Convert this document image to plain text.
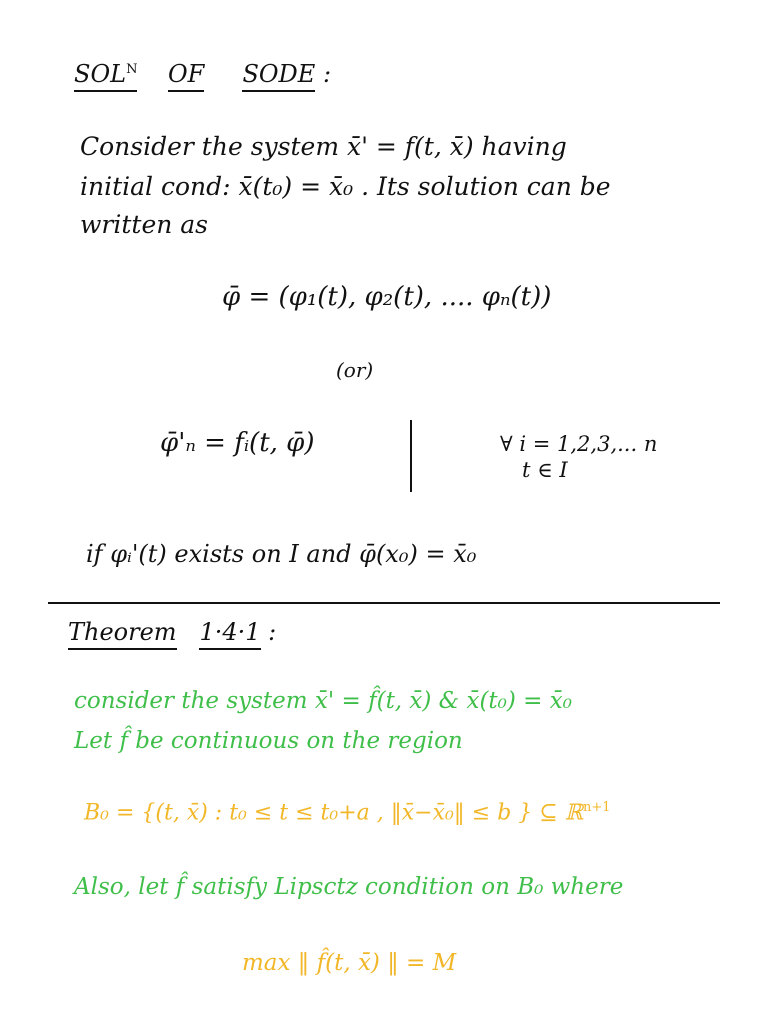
$SOL^N$ OF SODE :
Consider the system x̄' = f(t, x̄) having
initial cond: x̄(t₀) = x̄₀ . Its solution can be
written as
φ̄ = (φ₁(t), φ₂(t), .... φₙ(t))
(or)
φ̄'ₙ = fᵢ(t, φ̄)	∀ i = 1,2,3,... n
t ∈ I
if φᵢ'(t) exists on I and φ̄(x₀) = x̄₀
Theorem 1·4·1 :
consider the system x̄' = f̂(t, x̄) & x̄(t₀) = x̄₀
Let f̂ be continuous on the region
B₀ = {(t, x̄) : t₀ ≤ t ≤ t₀+a , ‖x̄−x̄₀‖ ≤ b } ⊆ ℝ$^{n+1}$
Also, let f̂ satisfy Lipsctz condition on B₀ where
max ‖ f̂(t, x̄) ‖ = M
